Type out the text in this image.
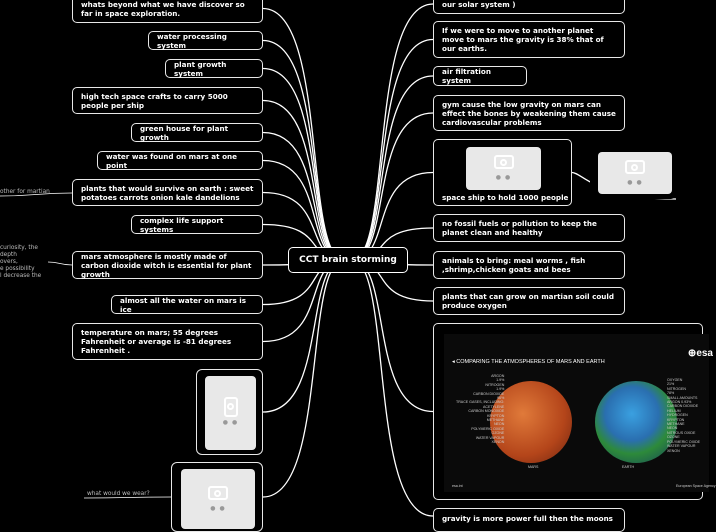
whats beyond what we have discover so far in space exploration.
water processing system
plant growth system
high tech space crafts to carry 5000 people per ship
green house for plant growth
water was found on mars at one point
plants that would survive on earth : sweet potatoes carrots onion kale dandelions
complex life support systems
mars atmosphere is mostly made of carbon dioxide witch is essential for plant growth
almost all the water on mars is ice
temperature on mars; 55 degrees Fahrenheit or average is -81 degrees Fahrenheit .
● ●
● ●
other for martian
curiosity, the
depth
overs,
e possibility
l decrease the
what would we wear?
CCT brain storming
our solar system )
If we were to move to another planet move to mars the gravity is 38% that of our earths.
air filtration system
gym cause the low gravity on mars can effect the bones by weakening them cause cardiovascular problems
● ●
space ship to hold 1000 people
● ●
no fossil fuels or pollution to keep the planet clean and healthy
animals to bring: meal worms , fish ,shrimp,chicken goats and bees
plants that can grow on martian soil could produce oxygen
◂ COMPARING THE ATMOSPHERES OF MARS AND EARTH
⊕esa
ARGON
1.9%
NITROGEN
1.9%
CARBON DIOXIDE
96%
TRACE GASES, INCLUDING:
ACETYLENE
CARBON MONOXIDE
KRYPTON
METHANE
NEON
POLYMERIC OXIDE
OZONE
WATER VAPOUR
XENON
OXYGEN
21%
NITROGEN
78%
SMALL AMOUNTS
ARGON 0.93%
CARBON DIOXIDE
HELIUM
HYDROGEN
KRYPTON
METHANE
NEON
NITROUS OXIDE
OZONE
POLYMERIC OXIDE
WATER VAPOUR
XENON
MARS	EARTH
esa.int	European Space Agency
gravity is more power full then the moons
